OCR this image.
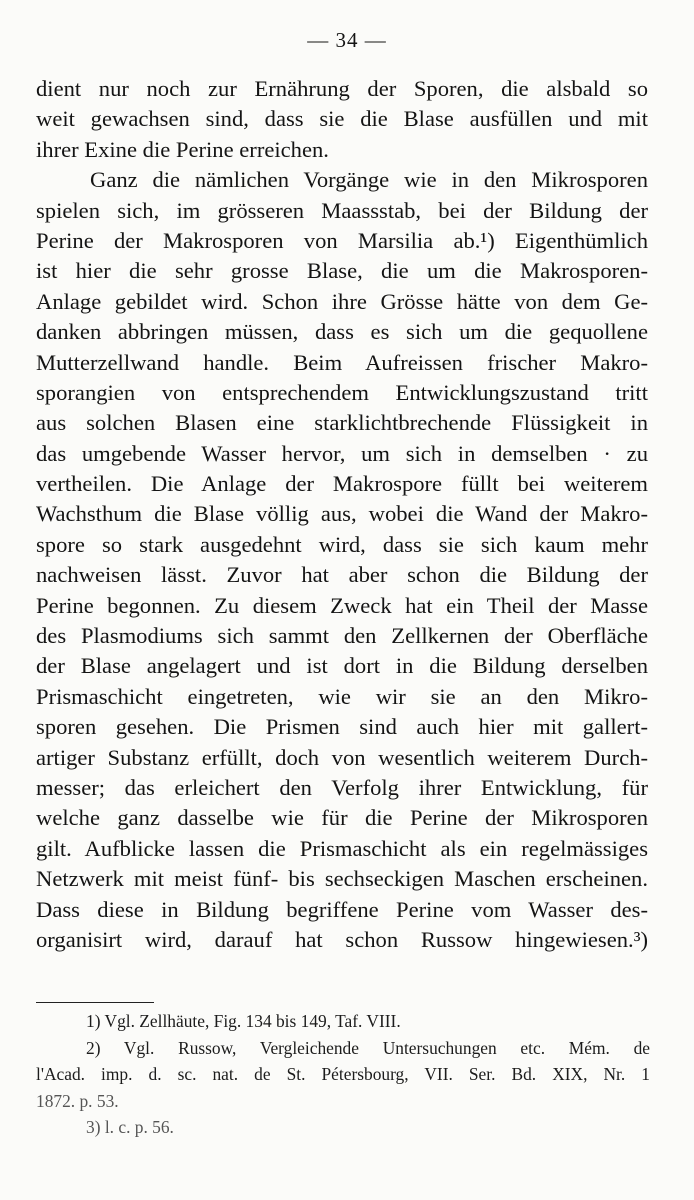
— 34 —
dient nur noch zur Ernährung der Sporen, die alsbald so
weit gewachsen sind, dass sie die Blase ausfüllen und mit
ihrer Exine die Perine erreichen.
Ganz die nämlichen Vorgänge wie in den Mikrosporen
spielen sich, im grösseren Maassstab, bei der Bildung der
Perine der Makrosporen von Marsilia ab.¹) Eigenthümlich
ist hier die sehr grosse Blase, die um die Makrosporen-
Anlage gebildet wird. Schon ihre Grösse hätte von dem Ge-
danken abbringen müssen, dass es sich um die gequollene
Mutterzellwand handle. Beim Aufreissen frischer Makro-
sporangien von entsprechendem Entwicklungszustand tritt
aus solchen Blasen eine starklichtbrechende Flüssigkeit in
das umgebende Wasser hervor, um sich in demselben · zu
vertheilen. Die Anlage der Makrospore füllt bei weiterem
Wachsthum die Blase völlig aus, wobei die Wand der Makro-
spore so stark ausgedehnt wird, dass sie sich kaum mehr
nachweisen lässt. Zuvor hat aber schon die Bildung der
Perine begonnen. Zu diesem Zweck hat ein Theil der Masse
des Plasmodiums sich sammt den Zellkernen der Oberfläche
der Blase angelagert und ist dort in die Bildung derselben
Prismaschicht eingetreten, wie wir sie an den Mikro-
sporen gesehen. Die Prismen sind auch hier mit gallert-
artiger Substanz erfüllt, doch von wesentlich weiterem Durch-
messer; das erleichert den Verfolg ihrer Entwicklung, für
welche ganz dasselbe wie für die Perine der Mikrosporen
gilt. Aufblicke lassen die Prismaschicht als ein regelmässiges
Netzwerk mit meist fünf- bis sechseckigen Maschen erscheinen.
Dass diese in Bildung begriffene Perine vom Wasser des-
organisirt wird, darauf hat schon Russow hingewiesen.³)
1) Vgl. Zellhäute, Fig. 134 bis 149, Taf. VIII.
2) Vgl. Russow, Vergleichende Untersuchungen etc. Mém. de
l'Acad. imp. d. sc. nat. de St. Pétersbourg, VII. Ser. Bd. XIX, Nr. 1
1872. p. 53.
3) l. c. p. 56.
